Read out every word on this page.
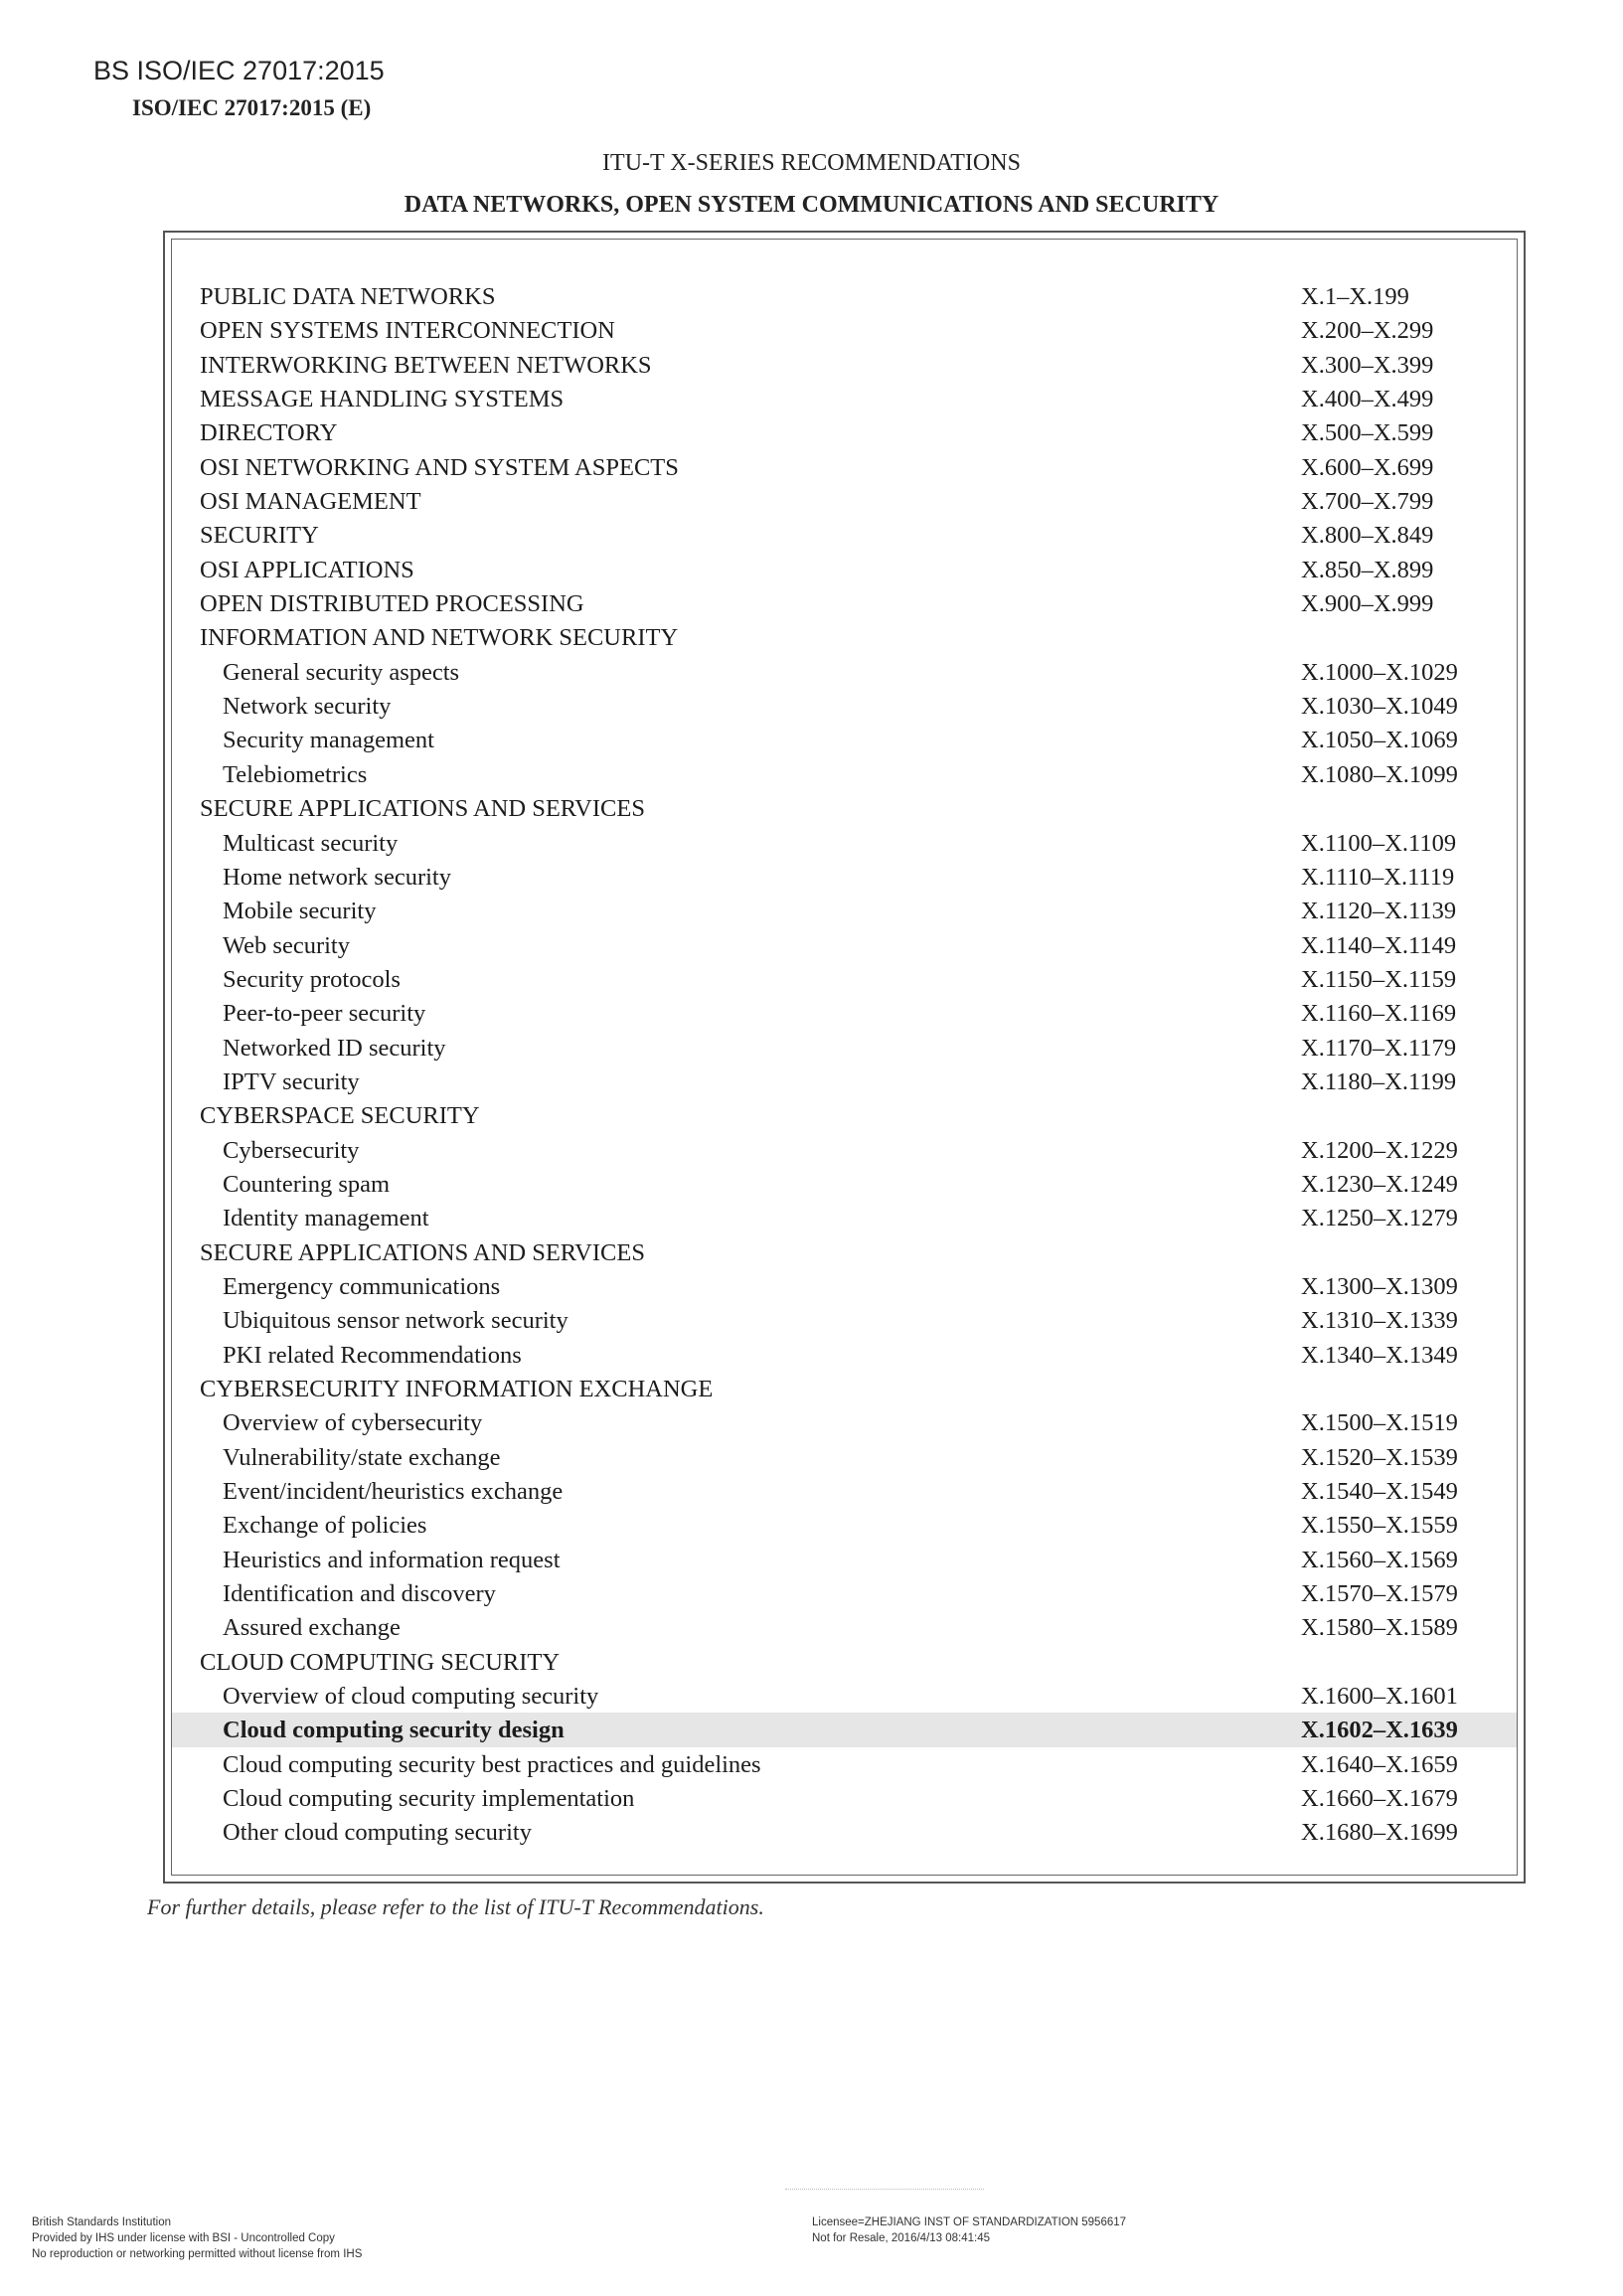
BS ISO/IEC 27017:2015
ISO/IEC 27017:2015 (E)
ITU-T X-SERIES RECOMMENDATIONS
DATA NETWORKS, OPEN SYSTEM COMMUNICATIONS AND SECURITY
PUBLIC DATA NETWORKS	X.1–X.199
OPEN SYSTEMS INTERCONNECTION	X.200–X.299
INTERWORKING BETWEEN NETWORKS	X.300–X.399
MESSAGE HANDLING SYSTEMS	X.400–X.499
DIRECTORY	X.500–X.599
OSI NETWORKING AND SYSTEM ASPECTS	X.600–X.699
OSI MANAGEMENT	X.700–X.799
SECURITY	X.800–X.849
OSI APPLICATIONS	X.850–X.899
OPEN DISTRIBUTED PROCESSING	X.900–X.999
INFORMATION AND NETWORK SECURITY
General security aspects	X.1000–X.1029
Network security	X.1030–X.1049
Security management	X.1050–X.1069
Telebiometrics	X.1080–X.1099
SECURE APPLICATIONS AND SERVICES
Multicast security	X.1100–X.1109
Home network security	X.1110–X.1119
Mobile security	X.1120–X.1139
Web security	X.1140–X.1149
Security protocols	X.1150–X.1159
Peer-to-peer security	X.1160–X.1169
Networked ID security	X.1170–X.1179
IPTV security	X.1180–X.1199
CYBERSPACE SECURITY
Cybersecurity	X.1200–X.1229
Countering spam	X.1230–X.1249
Identity management	X.1250–X.1279
SECURE APPLICATIONS AND SERVICES
Emergency communications	X.1300–X.1309
Ubiquitous sensor network security	X.1310–X.1339
PKI related Recommendations	X.1340–X.1349
CYBERSECURITY INFORMATION EXCHANGE
Overview of cybersecurity	X.1500–X.1519
Vulnerability/state exchange	X.1520–X.1539
Event/incident/heuristics exchange	X.1540–X.1549
Exchange of policies	X.1550–X.1559
Heuristics and information request	X.1560–X.1569
Identification and discovery	X.1570–X.1579
Assured exchange	X.1580–X.1589
CLOUD COMPUTING SECURITY
Overview of cloud computing security	X.1600–X.1601
Cloud computing security design	X.1602–X.1639
Cloud computing security best practices and guidelines	X.1640–X.1659
Cloud computing security implementation	X.1660–X.1679
Other cloud computing security	X.1680–X.1699
For further details, please refer to the list of ITU-T Recommendations.
British Standards Institution
Provided by IHS under license with BSI - Uncontrolled Copy
No reproduction or networking permitted without license from IHS
Licensee=ZHEJIANG INST OF STANDARDIZATION 5956617
Not for Resale, 2016/4/13 08:41:45
